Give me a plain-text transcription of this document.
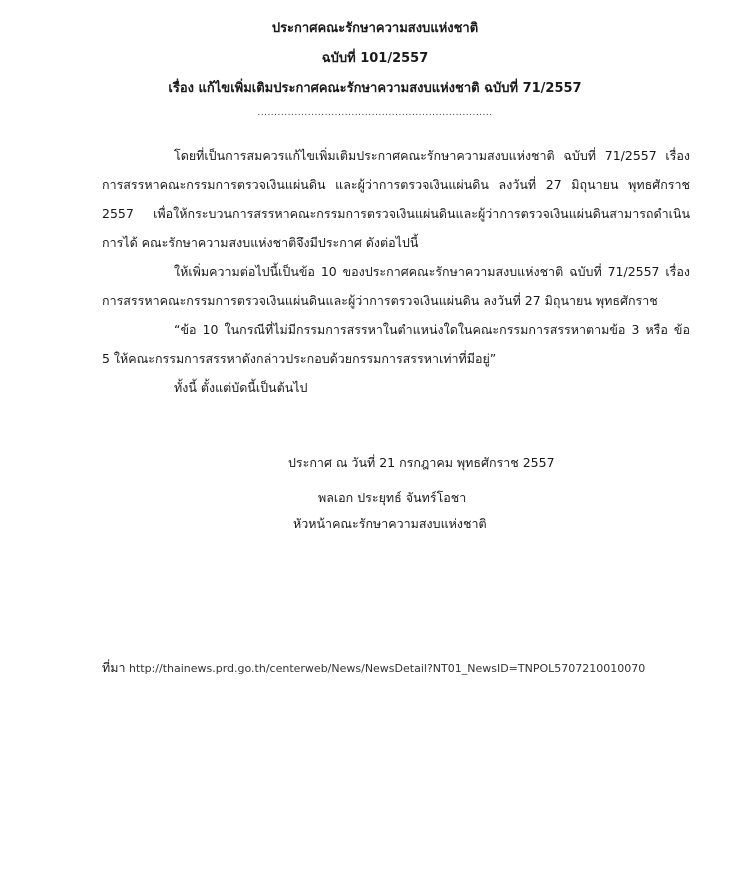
ประกาศคณะรักษาความสงบแห่งชาติ
ฉบับที่ 101/2557
เรื่อง แก้ไขเพิ่มเติมประกาศคณะรักษาความสงบแห่งชาติ ฉบับที่ 71/2557
......................................................................

โดยที่เป็นการสมควรแก้ไขเพิ่มเติมประกาศคณะรักษาความสงบแห่งชาติ ฉบับที่ 71/2557 เรื่อง การสรรหาคณะกรรมการตรวจเงินแผ่นดิน และผู้ว่าการตรวจเงินแผ่นดิน ลงวันที่ 27 มิถุนายน พุทธศักราช 2557 เพื่อให้กระบวนการสรรหาคณะกรรมการตรวจเงินแผ่นดินและผู้ว่าการตรวจเงินแผ่นดินสามารถดำเนินการได้ คณะรักษาความสงบแห่งชาติจึงมีประกาศ ดังต่อไปนี้

ให้เพิ่มความต่อไปนี้เป็นข้อ 10 ของประกาศคณะรักษาความสงบแห่งชาติ ฉบับที่ 71/2557 เรื่อง การสรรหาคณะกรรมการตรวจเงินแผ่นดินและผู้ว่าการตรวจเงินแผ่นดิน ลงวันที่ 27 มิถุนายน พุทธศักราช

“ข้อ 10 ในกรณีที่ไม่มีกรรมการสรรหาในตำแหน่งใดในคณะกรรมการสรรหาตามข้อ 3 หรือ ข้อ 5 ให้คณะกรรมการสรรหาดังกล่าวประกอบด้วยกรรมการสรรหาเท่าที่มีอยู่”

ทั้งนี้ ตั้งแต่บัดนี้เป็นต้นไป

ประกาศ ณ วันที่ 21 กรกฎาคม พุทธศักราช 2557
พลเอก ประยุทธ์ จันทร์โอชา
หัวหน้าคณะรักษาความสงบแห่งชาติ
ที่มา http://thainews.prd.go.th/centerweb/News/NewsDetail?NT01_NewsID=TNPOL5707210010070
